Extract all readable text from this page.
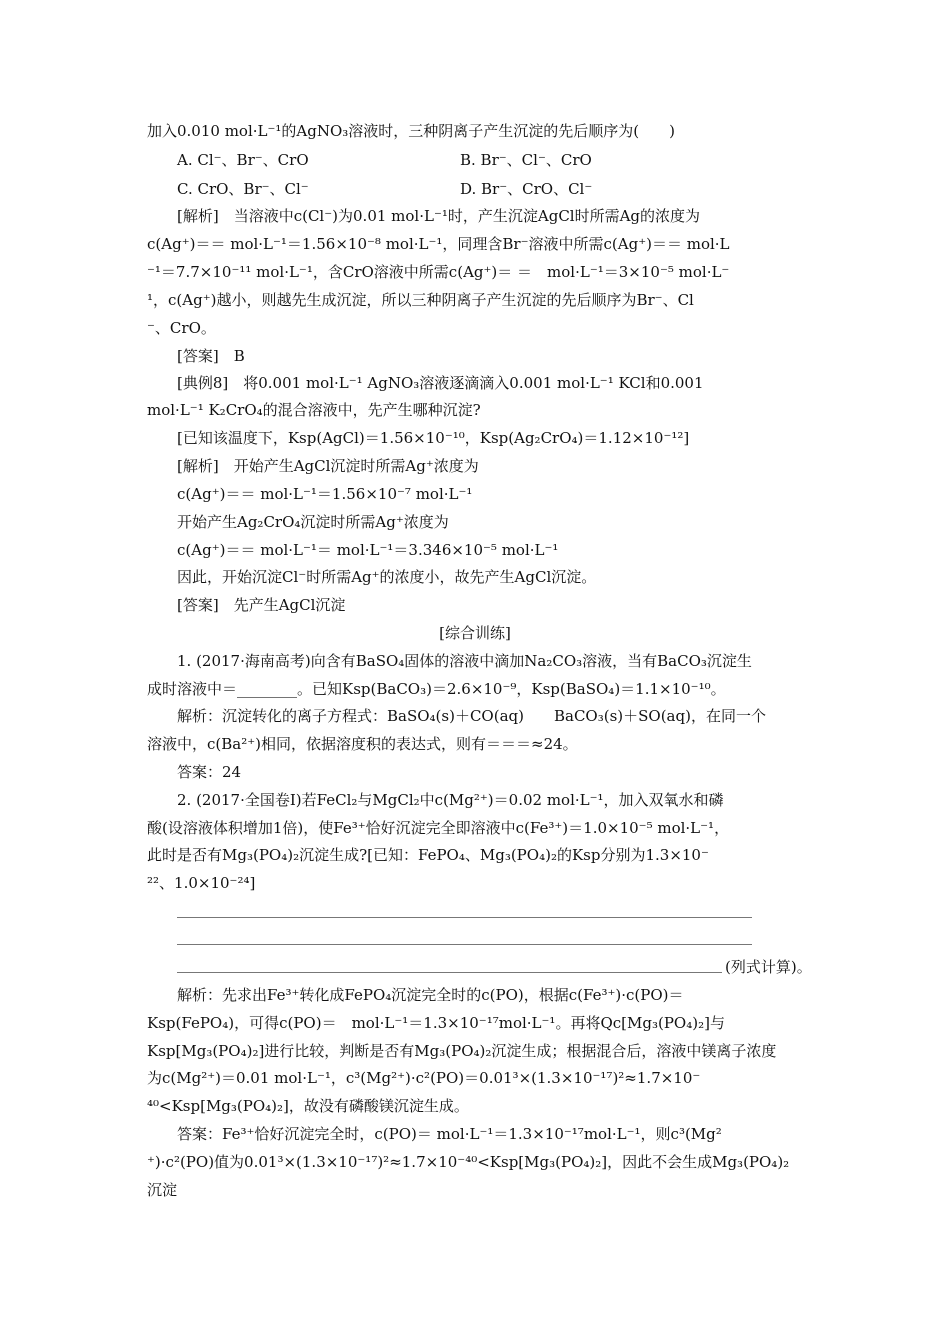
加入0.010 mol·L⁻¹的AgNO₃溶液时，三种阴离子产生沉淀的先后顺序为(　　)
A. Cl⁻、Br⁻、CrO	B. Br⁻、Cl⁻、CrO
C. CrO、Br⁻、Cl⁻	D. Br⁻、CrO、Cl⁻
[解析]　当溶液中c(Cl⁻)为0.01 mol·L⁻¹时，产生沉淀AgCl时所需Ag的浓度为
c(Ag⁺)＝＝ mol·L⁻¹＝1.56×10⁻⁸ mol·L⁻¹，同理含Br⁻溶液中所需c(Ag⁺)＝＝ mol·L
⁻¹＝7.7×10⁻¹¹ mol·L⁻¹，含CrO溶液中所需c(Ag⁺)＝ ＝　mol·L⁻¹＝3×10⁻⁵ mol·L⁻
¹，c(Ag⁺)越小，则越先生成沉淀，所以三种阴离子产生沉淀的先后顺序为Br⁻、Cl
⁻、CrO。
[答案]　B
[典例8]　将0.001 mol·L⁻¹ AgNO₃溶液逐滴滴入0.001 mol·L⁻¹ KCl和0.001
mol·L⁻¹ K₂CrO₄的混合溶液中，先产生哪种沉淀?
[已知该温度下，Ksp(AgCl)＝1.56×10⁻¹⁰，Ksp(Ag₂CrO₄)＝1.12×10⁻¹²]
[解析]　开始产生AgCl沉淀时所需Ag⁺浓度为
c(Ag⁺)＝＝ mol·L⁻¹＝1.56×10⁻⁷ mol·L⁻¹
开始产生Ag₂CrO₄沉淀时所需Ag⁺浓度为
c(Ag⁺)＝＝ mol·L⁻¹＝ mol·L⁻¹＝3.346×10⁻⁵ mol·L⁻¹
因此，开始沉淀Cl⁻时所需Ag⁺的浓度小，故先产生AgCl沉淀。
[答案]　先产生AgCl沉淀
1. (2017·海南高考)向含有BaSO₄固体的溶液中滴加Na₂CO₃溶液，当有BaCO₃沉淀生
成时溶液中＝________。已知Ksp(BaCO₃)＝2.6×10⁻⁹，Ksp(BaSO₄)＝1.1×10⁻¹⁰。
解析：沉淀转化的离子方程式：BaSO₄(s)＋CO(aq)　　BaCO₃(s)＋SO(aq)，在同一个
溶液中，c(Ba²⁺)相同，依据溶度积的表达式，则有＝＝＝≈24。
答案：24
2. (2017·全国卷Ⅰ)若FeCl₂与MgCl₂中c(Mg²⁺)＝0.02 mol·L⁻¹，加入双氧水和磷
酸(设溶液体积增加1倍)，使Fe³⁺恰好沉淀完全即溶液中c(Fe³⁺)＝1.0×10⁻⁵ mol·L⁻¹，
此时是否有Mg₃(PO₄)₂沉淀生成?[已知：FePO₄、Mg₃(PO₄)₂的Ksp分别为1.3×10⁻
²²、1.0×10⁻²⁴]
(列式计算)。
解析：先求出Fe³⁺转化成FePO₄沉淀完全时的c(PO)，根据c(Fe³⁺)·c(PO)＝
Ksp(FePO₄)，可得c(PO)＝　mol·L⁻¹＝1.3×10⁻¹⁷mol·L⁻¹。再将Qc[Mg₃(PO₄)₂]与
Ksp[Mg₃(PO₄)₂]进行比较，判断是否有Mg₃(PO₄)₂沉淀生成；根据混合后，溶液中镁离子浓度
为c(Mg²⁺)＝0.01 mol·L⁻¹，c³(Mg²⁺)·c²(PO)＝0.01³×(1.3×10⁻¹⁷)²≈1.7×10⁻
⁴⁰<Ksp[Mg₃(PO₄)₂]，故没有磷酸镁沉淀生成。
答案：Fe³⁺恰好沉淀完全时，c(PO)＝ mol·L⁻¹＝1.3×10⁻¹⁷mol·L⁻¹，则c³(Mg²
⁺)·c²(PO)值为0.01³×(1.3×10⁻¹⁷)²≈1.7×10⁻⁴⁰<Ksp[Mg₃(PO₄)₂]，因此不会生成Mg₃(PO₄)₂
沉淀
[综合训练]
